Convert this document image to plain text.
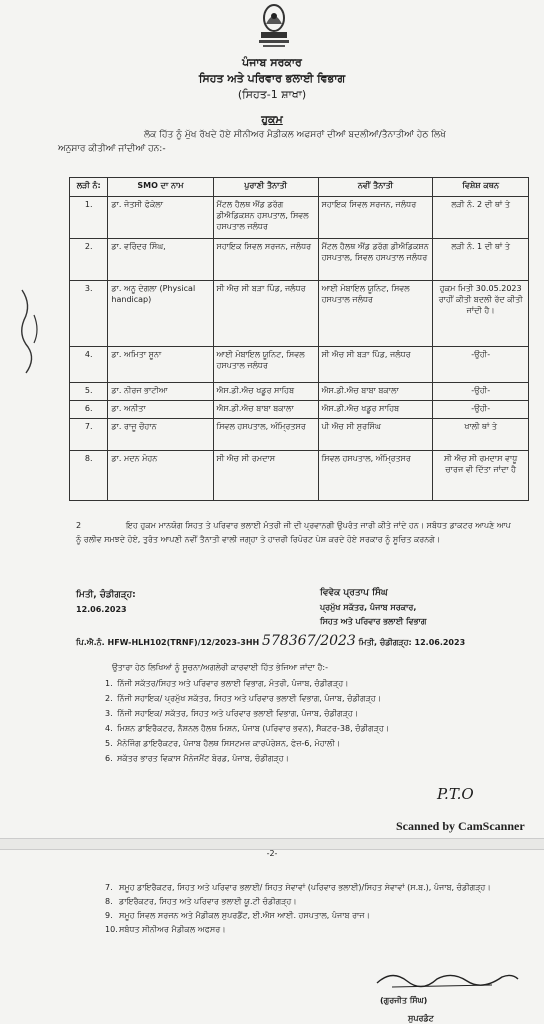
ਪੰਜਾਬ ਸਰਕਾਰ
ਸਿਹਤ ਅਤੇ ਪਰਿਵਾਰ ਭਲਾਈ ਵਿਭਾਗ
(ਸਿਹਤ-1 ਸ਼ਾਖਾ)
ਹੁਕਮ
ਲੋਕ ਹਿੱਤ ਨੂੰ ਮੁੱਖ ਰੱਖਦੇ ਹੋਏ ਸੀਨੀਅਰ ਮੈਡੀਕਲ ਅਫਸਰਾਂ ਦੀਆਂ ਬਦਲੀਆਂ/ਤੈਨਾਤੀਆਂ ਹੇਠ ਲਿਖੇ
ਅਨੁਸਾਰ ਕੀਤੀਆਂ ਜਾਂਦੀਆਂ ਹਨ:-
ਲੜੀ ਨੰ:	SMO ਦਾ ਨਾਮ	ਪੁਰਾਣੀ ਤੈਨਾਤੀ	ਨਵੀਂ ਤੈਨਾਤੀ	ਵਿਸ਼ੇਸ਼ ਕਥਨ
1.	ਡਾ. ਜੋਤਸੀ ਫੋਕੇਲਾ	ਮੈਂਟਲ ਹੈਲਥ ਐਂਡ ਡਰੱਗ ਡੀਐਡਿਕਸ਼ਨ ਹਸਪਤਾਲ, ਸਿਵਲ ਹਸਪਤਾਲ ਜਲੰਧਰ	ਸਹਾਇਕ ਸਿਵਲ ਸਰਜਨ, ਜਲੰਧਰ	ਲੜੀ ਨੰ. 2 ਦੀ ਥਾਂ ਤੇ
2.	ਡਾ. ਵਰਿੰਦਰ ਸਿੰਘ,	ਸਹਾਇਕ ਸਿਵਲ ਸਰਜਨ, ਜਲੰਧਰ	ਮੈਂਟਲ ਹੈਲਥ ਐਂਡ ਡਰੱਗ ਡੀਐਡਿਕਸ਼ਨ ਹਸਪਤਾਲ, ਸਿਵਲ ਹਸਪਤਾਲ ਜਲੰਧਰ	ਲੜੀ ਨੰ. 1 ਦੀ ਥਾਂ ਤੇ
3.	ਡਾ. ਅਨੂ ਦੇਗਲਾ (Physical handicap)	ਸੀ ਐਚ ਸੀ ਬੜਾ ਪਿੰਡ, ਜਲੰਧਰ	ਆਈ ਮੋਬਾਇਲ ਯੂਨਿਟ, ਸਿਵਲ ਹਸਪਤਾਲ ਜਲੰਧਰ	ਹੁਕਮ ਮਿਤੀ 30.05.2023 ਰਾਹੀਂ ਕੀਤੀ ਬਦਲੀ ਰੱਦ ਕੀਤੀ ਜਾਂਦੀ ਹੈ।
4.	ਡਾ. ਅਮਿਤਾ ਸੂਨਾ	ਆਈ ਮੋਬਾਇਲ ਯੂਨਿਟ, ਸਿਵਲ ਹਸਪਤਾਲ ਜਲੰਧਰ	ਸੀ ਐਚ ਸੀ ਬੜਾ ਪਿੰਡ, ਜਲੰਧਰ	-ਉਹੀ-
5.	ਡਾ. ਨੀਰਜ ਭਾਟੀਆ	ਐਸ.ਡੀ.ਐਚ ਖਡੂਰ ਸਾਹਿਬ	ਐਸ.ਡੀ.ਐਚ ਬਾਬਾ ਬਕਾਲਾ	-ਉਹੀ-
6.	ਡਾ. ਅਨੀਤਾ	ਐਸ.ਡੀ.ਐਚ ਬਾਬਾ ਬਕਾਲਾ	ਐਸ.ਡੀ.ਐਚ ਖਡੂਰ ਸਾਹਿਬ	-ਉਹੀ-
7.	ਡਾ. ਰਾਜੂ ਚੌਹਾਨ	ਸਿਵਲ ਹਸਪਤਾਲ, ਅੰਮ੍ਰਿਤਸਰ	ਪੀ ਐਚ ਸੀ ਸੁਰਸਿੰਘ	ਖਾਲੀ ਥਾਂ ਤੇ
8.	ਡਾ. ਮਦਨ ਮੋਹਨ	ਸੀ ਐਚ ਸੀ ਰਮਦਾਸ	ਸਿਵਲ ਹਸਪਤਾਲ, ਅੰਮ੍ਰਿਤਸਰ	ਸੀ ਐਚ ਸੀ ਰਮਦਾਸ ਵਾਧੂ ਚਾਰਜ ਵੀ ਦਿੱਤਾ ਜਾਂਦਾ ਹੈ
2	ਇਹ ਹੁਕਮ ਮਾਨਯੋਗ ਸਿਹਤ ਤੇ ਪਰਿਵਾਰ ਭਲਾਈ ਮੰਤਰੀ ਜੀ ਦੀ ਪ੍ਰਵਾਨਗੀ ਉਪਰੰਤ ਜਾਰੀ ਕੀਤੇ ਜਾਂਦੇ ਹਨ। ਸਬੰਧਤ ਡਾਕਟਰ ਆਪਣੇ ਆਪ ਨੂੰ ਰਲੀਵ ਸਮਝਦੇ ਹੋਏ, ਤੁਰੰਤ ਆਪਣੀ ਨਵੀਂ ਤੈਨਾਤੀ ਵਾਲੀ ਜਗ੍ਹਾ ਤੇ ਹਾਜ਼ਰੀ ਰਿਪੋਰਟ ਪੇਸ਼ ਕਰਦੇ ਹੋਏ ਸਰਕਾਰ ਨੂੰ ਸੂਚਿਤ ਕਰਨਗੇ।
ਮਿਤੀ, ਚੰਡੀਗੜ੍ਹ:
12.06.2023
ਵਿਵੇਕ ਪ੍ਰਤਾਪ ਸਿੰਘ
ਪ੍ਰਮੁੱਖ ਸਕੱਤਰ, ਪੰਜਾਬ ਸਰਕਾਰ,
ਸਿਹਤ ਅਤੇ ਪਰਿਵਾਰ ਭਲਾਈ ਵਿਭਾਗ
ਪਿ.ਐ.ਨੰ. HFW-HLH102(TRNF)/12/2023-3HH 578367/2023 ਮਿਤੀ, ਚੰਡੀਗੜ੍ਹ: 12.06.2023
ਉਤਾਰਾ ਹੇਠ ਲਿਖਿਆਂ ਨੂੰ ਸੂਚਨਾ/ਅਗਲੇਰੀ ਕਾਰਵਾਈ ਹਿੱਤ ਭੇਜਿਆ ਜਾਂਦਾ ਹੈ:-
1. ਨਿੱਜੀ ਸਕੱਤਰ/ਸਿਹਤ ਅਤੇ ਪਰਿਵਾਰ ਭਲਾਈ ਵਿਭਾਗ, ਮੰਤਰੀ, ਪੰਜਾਬ, ਚੰਡੀਗੜ੍ਹ।
2. ਨਿੱਜੀ ਸਹਾਇਕ/ ਪ੍ਰਮੁੱਖ ਸਕੱਤਰ, ਸਿਹਤ ਅਤੇ ਪਰਿਵਾਰ ਭਲਾਈ ਵਿਭਾਗ, ਪੰਜਾਬ, ਚੰਡੀਗੜ੍ਹ।
3. ਨਿੱਜੀ ਸਹਾਇਕ/ ਸਕੱਤਰ, ਸਿਹਤ ਅਤੇ ਪਰਿਵਾਰ ਭਲਾਈ ਵਿਭਾਗ, ਪੰਜਾਬ, ਚੰਡੀਗੜ੍ਹ।
4. ਮਿਸ਼ਨ ਡਾਇਰੈਕਟਰ, ਨੈਸ਼ਨਲ ਹੈਲਥ ਮਿਸ਼ਨ, ਪੰਜਾਬ (ਪਰਿਵਾਰ ਭਵਨ), ਸੈਕਟਰ-38, ਚੰਡੀਗੜ੍ਹ।
5. ਮੈਨੇਜਿੰਗ ਡਾਇਰੈਕਟਰ, ਪੰਜਾਬ ਹੈਲਥ ਸਿਸਟਮਜ਼ ਕਾਰਪੋਰੇਸ਼ਨ, ਫੇਜ਼-6, ਮੋਹਾਲੀ।
6. ਸਕੱਤਰ ਭਾਰਤ ਵਿਕਾਸ ਮੈਨੇਜਮੈਂਟ ਬੋਰਡ, ਪੰਜਾਬ, ਚੰਡੀਗੜ੍ਹ।
P.T.O
Scanned by CamScanner
-2-
7. ਸਮੂਹ ਡਾਇਰੈਕਟਰ, ਸਿਹਤ ਅਤੇ ਪਰਿਵਾਰ ਭਲਾਈ/ ਸਿਹਤ ਸੇਵਾਵਾਂ (ਪਰਿਵਾਰ ਭਲਾਈ)/ਸਿਹਤ ਸੇਵਾਵਾਂ (ਸ.ਬ.), ਪੰਜਾਬ, ਚੰਡੀਗੜ੍ਹ।
8. ਡਾਇਰੈਕਟਰ, ਸਿਹਤ ਅਤੇ ਪਰਿਵਾਰ ਭਲਾਈ ਯੂ.ਟੀ ਚੰਡੀਗੜ੍ਹ।
9. ਸਮੂਹ ਸਿਵਲ ਸਰਜਨ ਅਤੇ ਮੈਡੀਕਲ ਸੁਪਰਡੈਂਟ, ਈ.ਐਸ ਆਈ. ਹਸਪਤਾਲ, ਪੰਜਾਬ ਰਾਜ।
10.ਸਬੰਧਤ ਸੀਨੀਅਰ ਮੈਡੀਕਲ ਅਫਸਰ।
(ਗੁਰਜੀਤ ਸਿੰਘ)
ਸੁਪਰਡੰਟ
